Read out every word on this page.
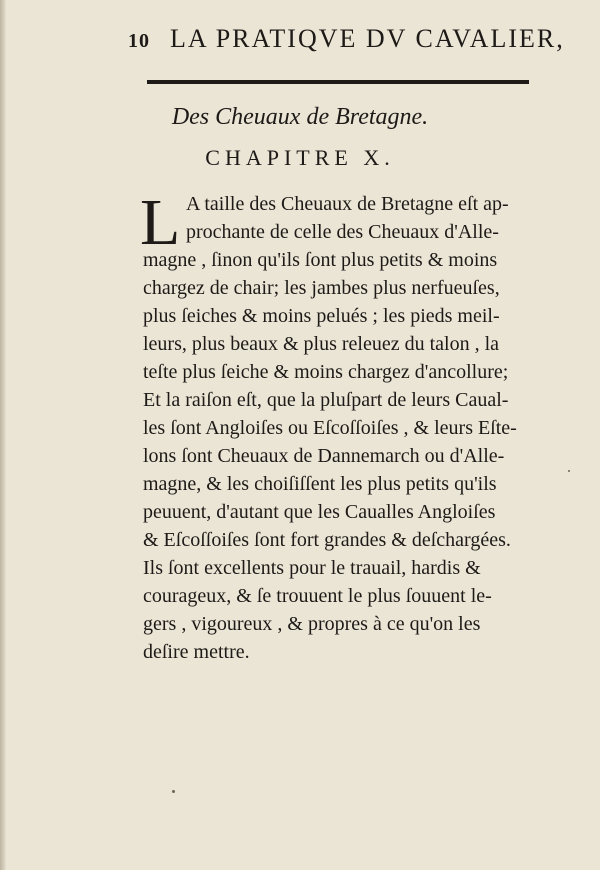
10 LA PRATIQVE DV CAVALIER,
Des Cheuaux de Bretagne.
CHAPITRE X.
L A taille des Cheuaux de Bretagne eſt ap-
prochante de celle des Cheuaux d'Alle-
magne , ſinon qu'ils ſont plus petits & moins
chargez de chair; les jambes plus nerfueuſes,
plus ſeiches & moins pelués ; les pieds meil-
leurs, plus beaux & plus releuez du talon , la
teſte plus ſeiche & moins chargez d'ancollure;
Et la raiſon eſt, que la pluſpart de leurs Caual-
les ſont Angloiſes ou Eſcoſſoiſes , & leurs Eſte-
lons ſont Cheuaux de Dannemarch ou d'Alle-
magne, & les choiſiſſent les plus petits qu'ils
peuuent, d'autant que les Caualles Angloiſes
& Eſcoſſoiſes ſont fort grandes & deſchargées.
Ils ſont excellents pour le trauail, hardis &
courageux, & ſe trouuent le plus ſouuent le-
gers , vigoureux , & propres à ce qu'on les
deſire mettre.
